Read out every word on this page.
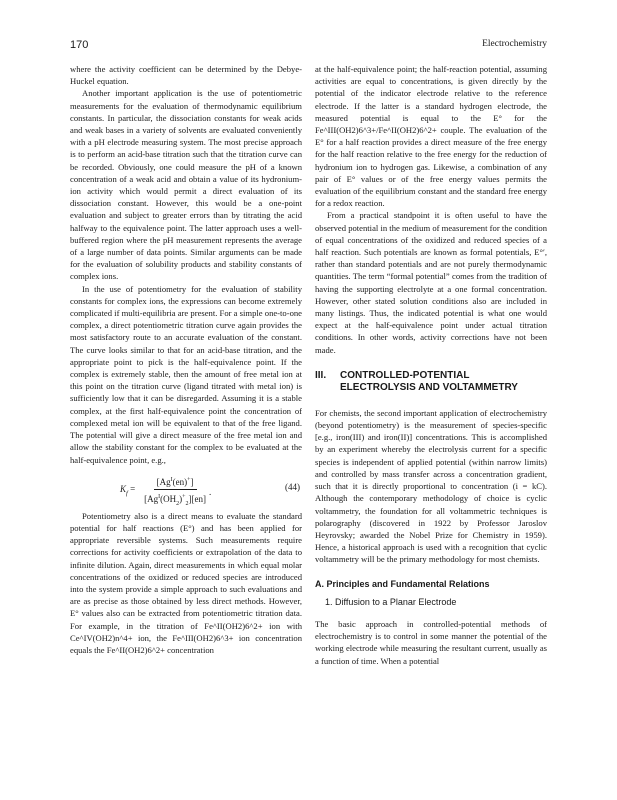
170	Electrochemistry

where the activity coefficient can be determined by the Debye-Huckel equation.

Another important application is the use of potentiometric measurements for the evaluation of thermodynamic equilibrium constants. In particular, the dissociation constants for weak acids and weak bases in a variety of solvents are evaluated conveniently with a pH electrode measuring system. The most precise approach is to perform an acid-base titration such that the titration curve can be recorded. Obviously, one could measure the pH of a known concentration of a weak acid and obtain a value of its hydronium-ion activity which would permit a direct evaluation of its dissociation constant. However, this would be a one-point evaluation and subject to greater errors than by titrating the acid halfway to the equivalence point. The latter approach uses a well-buffered region where the pH measurement represents the average of a large number of data points. Similar arguments can be made for the evaluation of solubility products and stability constants of complex ions.

In the use of potentiometry for the evaluation of stability constants for complex ions, the expressions can become extremely complicated if multi-equilibria are present. For a simple one-to-one complex, a direct potentiometric titration curve again provides the most satisfactory route to an accurate evaluation of the constant. The curve looks similar to that for an acid-base titration, and the appropriate point to pick is the half-equivalence point. If the complex is extremely stable, then the amount of free metal ion at this point on the titration curve (ligand titrated with metal ion) is sufficiently low that it can be disregarded. Assuming it is a stable complex, at the first half-equivalence point the concentration of complexed metal ion will be equivalent to that of the free ligand. The potential will give a direct measure of the free metal ion and allow the stability constant for the complex to be evaluated at the half-equivalence point, e.g.,

$K_f = \frac{[Ag^I(en)^+]}{[Ag^I(OH_2)^+_2][en]}$ .	(44)

Potentiometry also is a direct means to evaluate the standard potential for half reactions (E°) and has been applied for appropriate reversible systems. Such measurements require corrections for activity coefficients or extrapolation of the data to infinite dilution. Again, direct measurements in which equal molar concentrations of the oxidized or reduced species are introduced into the system provide a simple approach to such evaluations and are as precise as those obtained by less direct methods. However, E° values also can be extracted from potentiometric titration data. For example, in the titration of Fe^II(OH2)6^2+ ion with Ce^IV(OH2)n^4+ ion, the Fe^III(OH2)6^3+ ion concentration equals the Fe^II(OH2)6^2+ concentration

at the half-equivalence point; the half-reaction potential, assuming activities are equal to concentrations, is given directly by the potential of the indicator electrode relative to the reference electrode. If the latter is a standard hydrogen electrode, the measured potential is equal to the E° for the Fe^III(OH2)6^3+/Fe^II(OH2)6^2+ couple. The evaluation of the E° for a half reaction provides a direct measure of the free energy for the half reaction relative to the free energy for the reduction of hydronium ion to hydrogen gas. Likewise, a combination of any pair of E° values or of the free energy values permits the evaluation of the equilibrium constant and the standard free energy for a redox reaction.

From a practical standpoint it is often useful to have the observed potential in the medium of measurement for the condition of equal concentrations of the oxidized and reduced species of a half reaction. Such potentials are known as formal potentials, E°′, rather than standard potentials and are not purely thermodynamic quantities. The term “formal potential” comes from the tradition of having the supporting electrolyte at a one formal concentration. However, other stated solution conditions also are included in many listings. Thus, the indicated potential is what one would expect at the half-equivalence point under actual titration conditions. In other words, activity corrections have not been made.

III. CONTROLLED-POTENTIAL
ELECTROLYSIS AND VOLTAMMETRY

For chemists, the second important application of electrochemistry (beyond potentiometry) is the measurement of species-specific [e.g., iron(III) and iron(II)] concentrations. This is accomplished by an experiment whereby the electrolysis current for a specific species is independent of applied potential (within narrow limits) and controlled by mass transfer across a concentration gradient, such that it is directly proportional to concentration (i = kC). Although the contemporary methodology of choice is cyclic voltammetry, the foundation for all voltammetric techniques is polarography (discovered in 1922 by Professor Jaroslov Heyrovsky; awarded the Nobel Prize for Chemistry in 1959). Hence, a historical approach is used with a recognition that cyclic voltammetry will be the primary methodology for most chemists.

A. Principles and Fundamental Relations
1. Diffusion to a Planar Electrode

The basic approach in controlled-potential methods of electrochemistry is to control in some manner the potential of the working electrode while measuring the resultant current, usually as a function of time. When a potential
